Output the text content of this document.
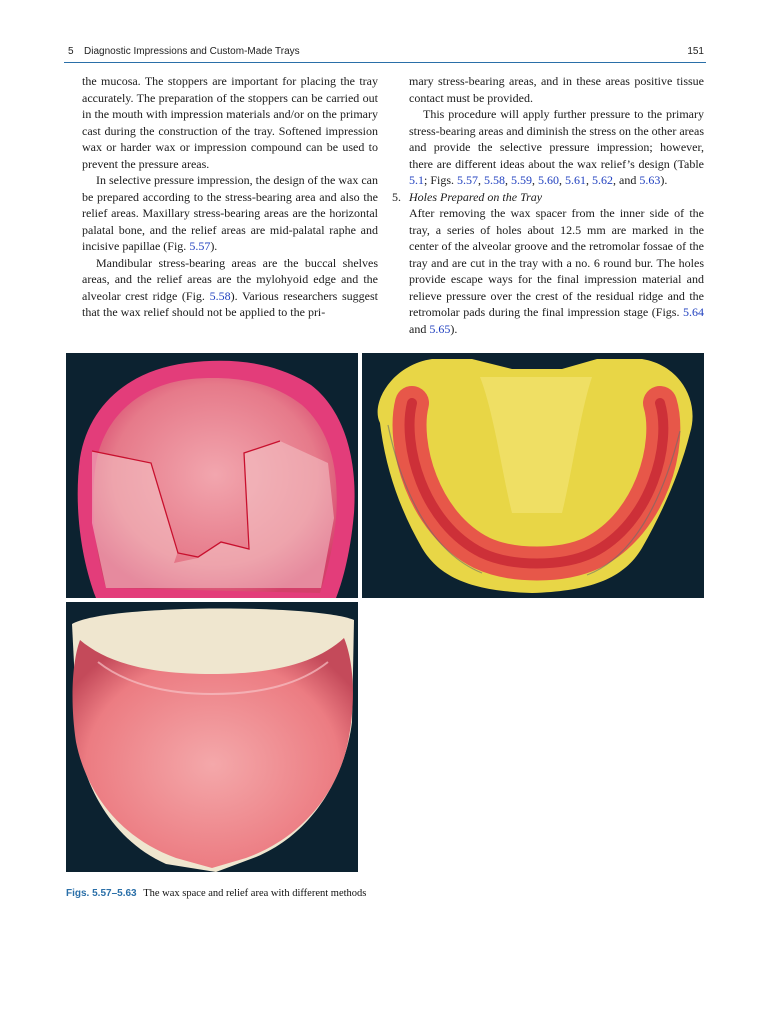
5 Diagnostic Impressions and Custom-Made Trays	151

the mucosa. The stoppers are important for placing the tray accurately. The preparation of the stoppers can be carried out in the mouth with impression materials and/or on the primary cast during the construction of the tray. Softened impression wax or harder wax or impression compound can be used to prevent the pressure areas.

In selective pressure impression, the design of the wax can be prepared according to the stress-bearing area and also the relief areas. Maxillary stress-bearing areas are the horizontal palatal bone, and the relief areas are mid-palatal raphe and incisive papillae (Fig. 5.57).

Mandibular stress-bearing areas are the buccal shelves areas, and the relief areas are the mylohyoid edge and the alveolar crest ridge (Fig. 5.58). Various researchers suggest that the wax relief should not be applied to the pri-

mary stress-bearing areas, and in these areas positive tissue contact must be provided.

This procedure will apply further pressure to the primary stress-bearing areas and diminish the stress on the other areas and provide the selective pressure impression; however, there are different ideas about the wax relief’s design (Table 5.1; Figs. 5.57, 5.58, 5.59, 5.60, 5.61, 5.62, and 5.63).

5. Holes Prepared on the Tray

After removing the wax spacer from the inner side of the tray, a series of holes about 12.5 mm are marked in the center of the alveolar groove and the retromolar fossae of the tray and are cut in the tray with a no. 6 round bur. The holes provide escape ways for the final impression material and relieve pressure over the crest of the residual ridge and the retromolar pads during the final impression stage (Figs. 5.64 and 5.65).

Figs. 5.57–5.63 The wax space and relief area with different methods
